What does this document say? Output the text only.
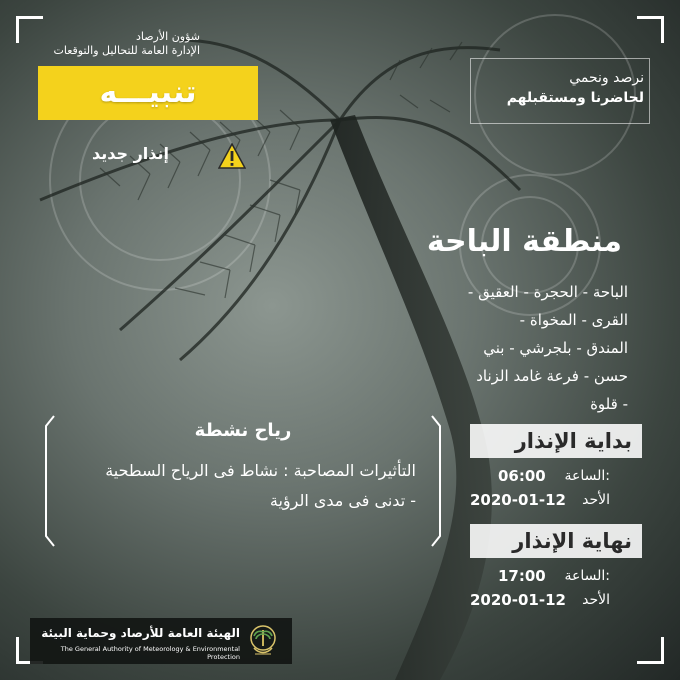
شؤون الأرصاد
الإدارة العامة للتحاليل والتوقعات
تنبيـــه
إنذار جديد
نرصد ونحمي
لحاضرنا ومستقبلهم
منطقة الباحة
الباحة - الحجرة - العقيق -
القرى - المخواة -
المندق - بلجرشي - بني
حسن - فرعة غامد الزناد
- قلوة
رياح نشطة
التأثيرات المصاحبة : نشاط فى الرياح السطحية
- تدنى فى مدى الرؤية
بداية الإنذار
الساعة:
06:00
الأحد
2020-01-12
نهاية الإنذار
الساعة:
17:00
الأحد
2020-01-12
الهيئة العامة للأرصاد وحماية البيئة
The General Authority of Meteorology & Environmental Protection
